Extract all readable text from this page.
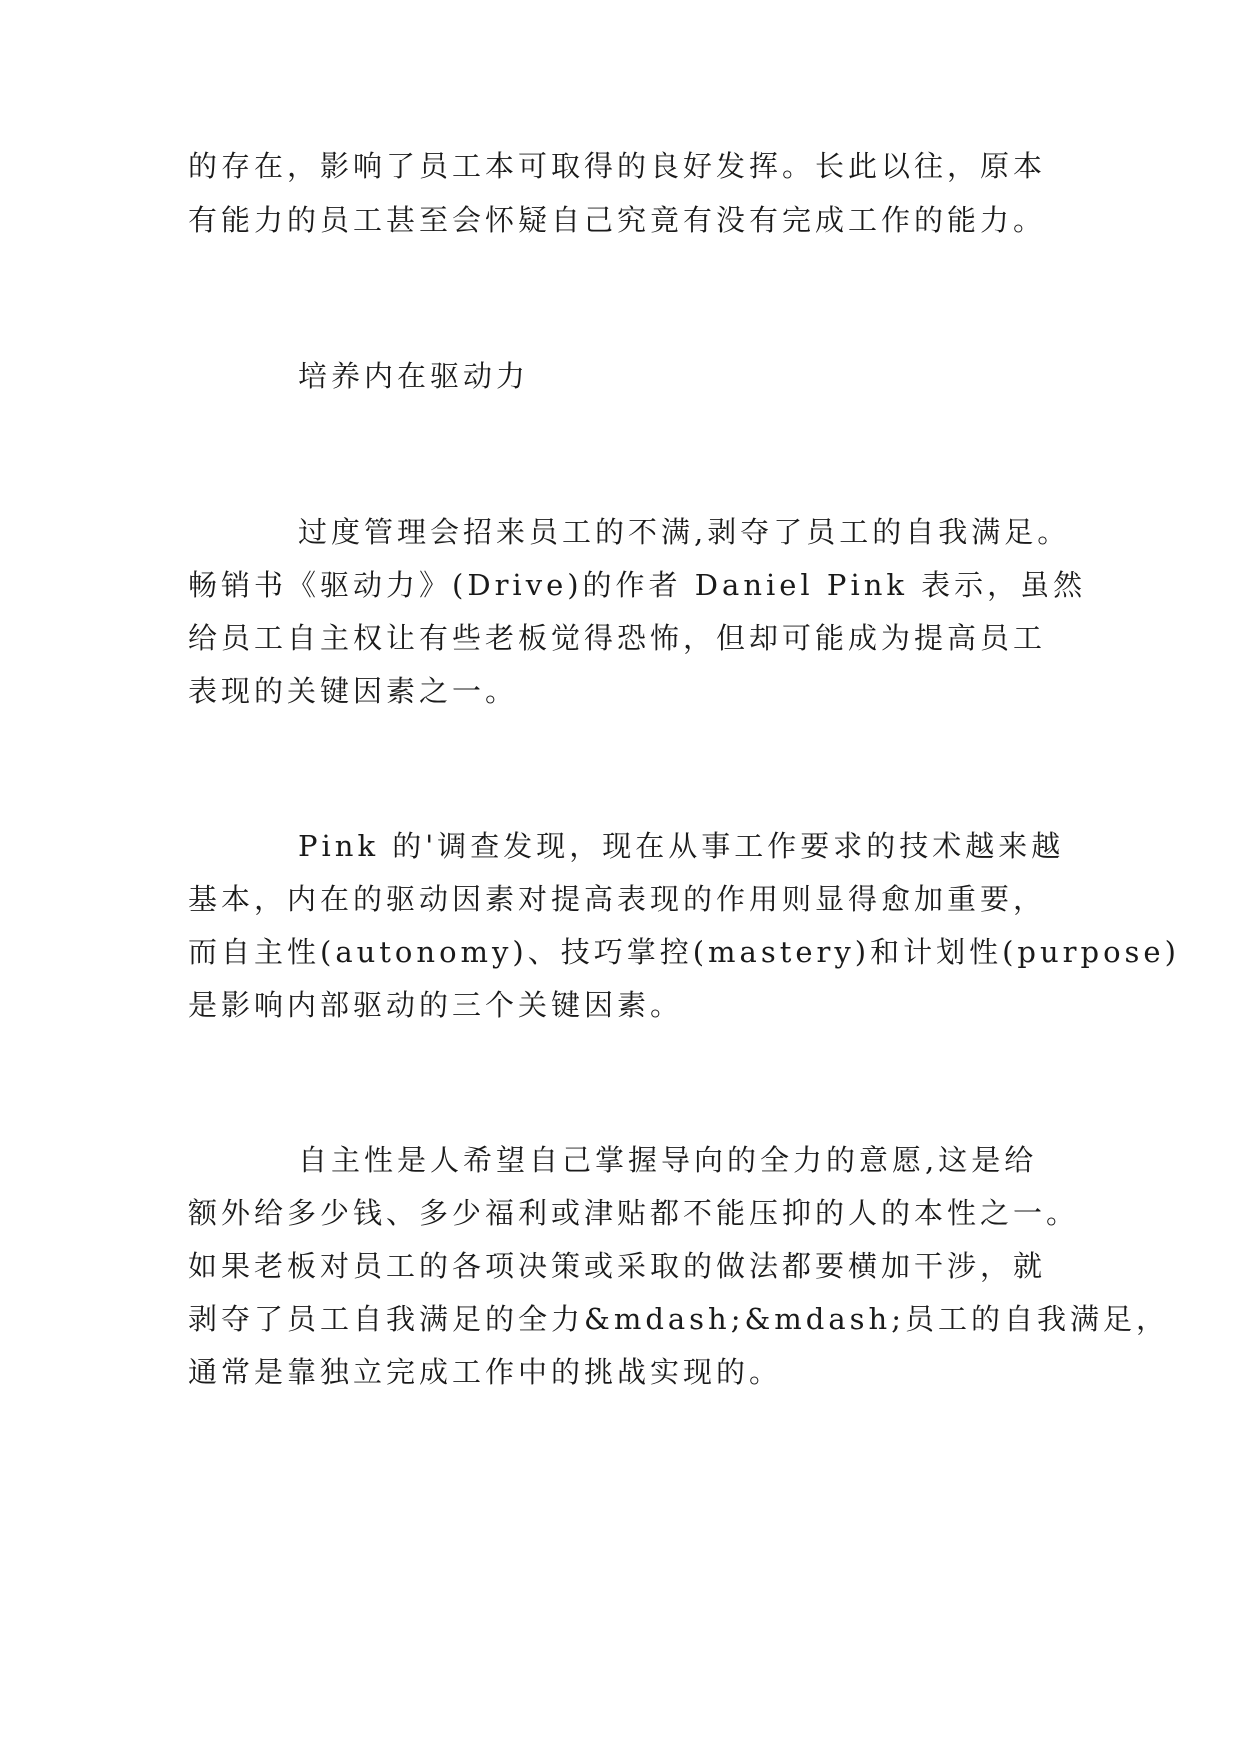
的存在，影响了员工本可取得的良好发挥。长此以往，原本
有能力的员工甚至会怀疑自己究竟有没有完成工作的能力。
培养内在驱动力
过度管理会招来员工的不满,剥夺了员工的自我满足。
畅销书《驱动力》(Drive)的作者 Daniel Pink 表示，虽然
给员工自主权让有些老板觉得恐怖，但却可能成为提高员工
表现的关键因素之一。
Pink 的'调查发现，现在从事工作要求的技术越来越
基本，内在的驱动因素对提高表现的作用则显得愈加重要，
而自主性(autonomy)、技巧掌控(mastery)和计划性(purpose)
是影响内部驱动的三个关键因素。
自主性是人希望自己掌握导向的全力的意愿,这是给
额外给多少钱、多少福利或津贴都不能压抑的人的本性之一。
如果老板对员工的各项决策或采取的做法都要横加干涉，就
剥夺了员工自我满足的全力&mdash;&mdash;员工的自我满足，
通常是靠独立完成工作中的挑战实现的。
